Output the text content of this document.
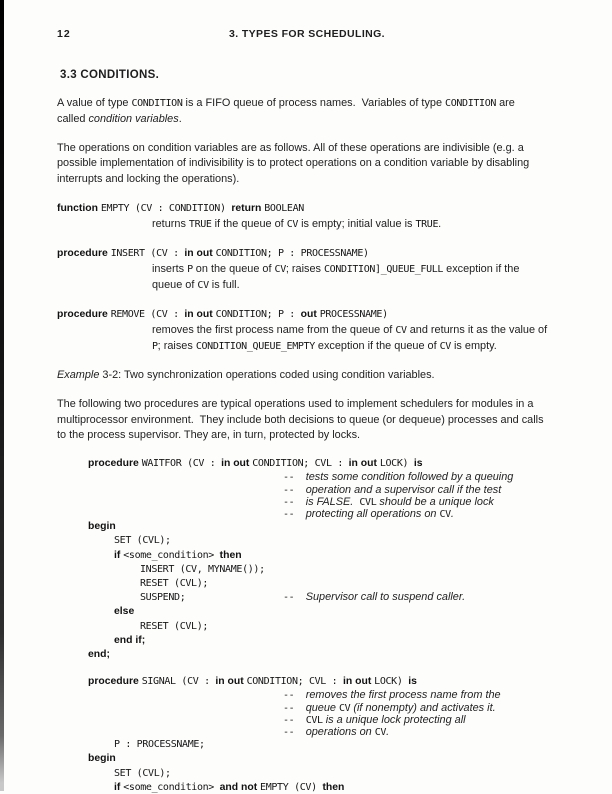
12	3. TYPES FOR SCHEDULING.
3.3 CONDITIONS.
A value of type CONDITION is a FIFO queue of process names.  Variables of type CONDITION are
called condition variables.
The operations on condition variables are as follows. All of these operations are indivisible (e.g. a
possible implementation of indivisibility is to protect operations on a condition variable by disabling
interrupts and locking the operations).
function EMPTY (CV : CONDITION) return BOOLEAN
returns TRUE if the queue of CV is empty; initial value is TRUE.
procedure INSERT (CV : in out CONDITION; P : PROCESSNAME)
inserts P on the queue of CV; raises CONDITION]_QUEUE_FULL exception if the
queue of CV is full.
procedure REMOVE (CV : in out CONDITION; P : out PROCESSNAME)
removes the first process name from the queue of CV and returns it as the value of
P; raises CONDITION_QUEUE_EMPTY exception if the queue of CV is empty.
Example 3-2: Two synchronization operations coded using condition variables.
The following two procedures are typical operations used to implement schedulers for modules in a
multiprocessor environment.  They include both decisions to queue (or dequeue) processes and calls
to the process supervisor. They are, in turn, protected by locks.
procedure WAITFOR (CV : in out CONDITION; CVL : in out LOCK) is
--  tests some condition followed by a queuing
--  operation and a supervisor call if the test
--  is FALSE.  CVL should be a unique lock
--  protecting all operations on CV.
begin
SET (CVL);
if <some_condition> then
INSERT (CV, MYNAME());
RESET (CVL);
SUSPEND;	--  Supervisor call to suspend caller.
else
RESET (CVL);
end if;
end;
procedure SIGNAL (CV : in out CONDITION; CVL : in out LOCK) is
--  removes the first process name from the
--  queue CV (if nonempty) and activates it.
--  CVL is a unique lock protecting all
--  operations on CV.
P : PROCESSNAME;
begin
SET (CVL);
if <some_condition> and not EMPTY (CV) then
